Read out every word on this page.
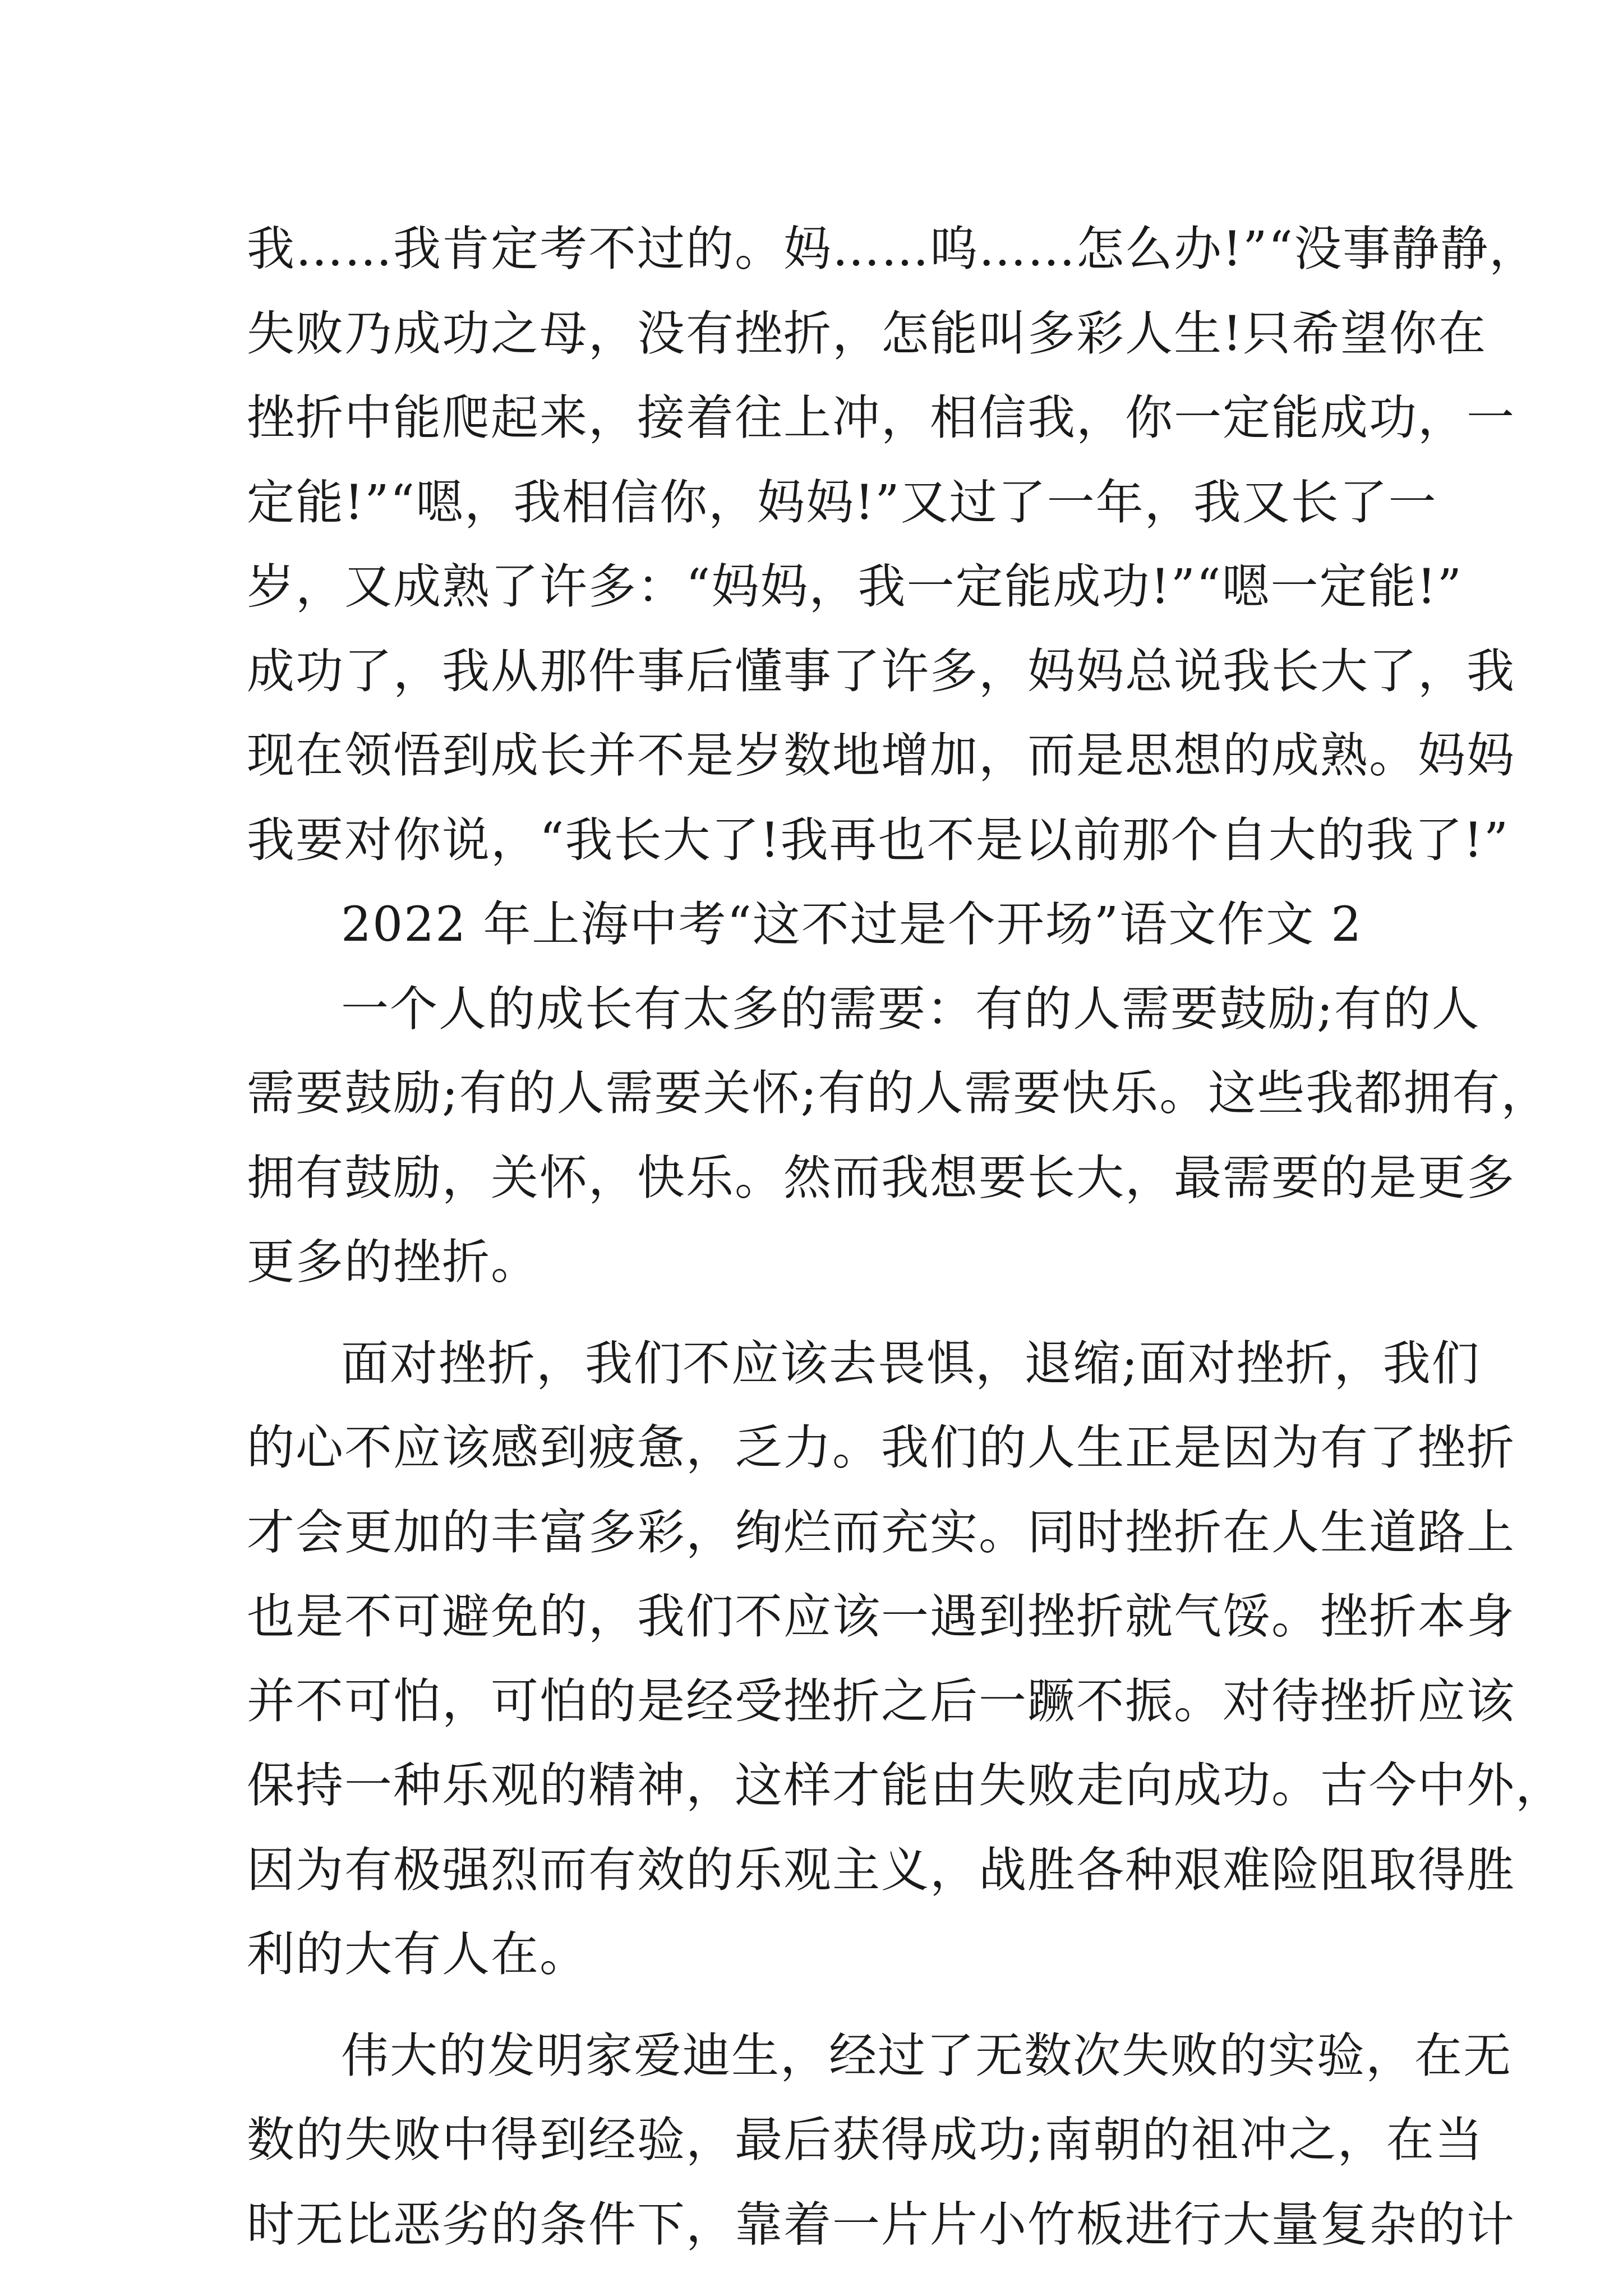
我……我肯定考不过的。妈……呜……怎么办!”“没事静静，
失败乃成功之母，没有挫折，怎能叫多彩人生!只希望你在
挫折中能爬起来，接着往上冲，相信我，你一定能成功，一
定能!”“嗯，我相信你，妈妈!”又过了一年，我又长了一
岁，又成熟了许多：“妈妈，我一定能成功!”“嗯一定能!”
成功了，我从那件事后懂事了许多，妈妈总说我长大了，我
现在领悟到成长并不是岁数地增加，而是思想的成熟。妈妈
我要对你说，“我长大了!我再也不是以前那个自大的我了!”
2022 年上海中考“这不过是个开场”语文作文 2
一个人的成长有太多的需要：有的人需要鼓励;有的人
需要鼓励;有的人需要关怀;有的人需要快乐。这些我都拥有，
拥有鼓励，关怀，快乐。然而我想要长大，最需要的是更多
更多的挫折。
面对挫折，我们不应该去畏惧，退缩;面对挫折，我们
的心不应该感到疲惫，乏力。我们的人生正是因为有了挫折
才会更加的丰富多彩，绚烂而充实。同时挫折在人生道路上
也是不可避免的，我们不应该一遇到挫折就气馁。挫折本身
并不可怕，可怕的是经受挫折之后一蹶不振。对待挫折应该
保持一种乐观的精神，这样才能由失败走向成功。古今中外，
因为有极强烈而有效的乐观主义，战胜各种艰难险阻取得胜
利的大有人在。
伟大的发明家爱迪生，经过了无数次失败的实验，在无
数的失败中得到经验，最后获得成功;南朝的祖冲之，在当
时无比恶劣的条件下，靠着一片片小竹板进行大量复杂的计
